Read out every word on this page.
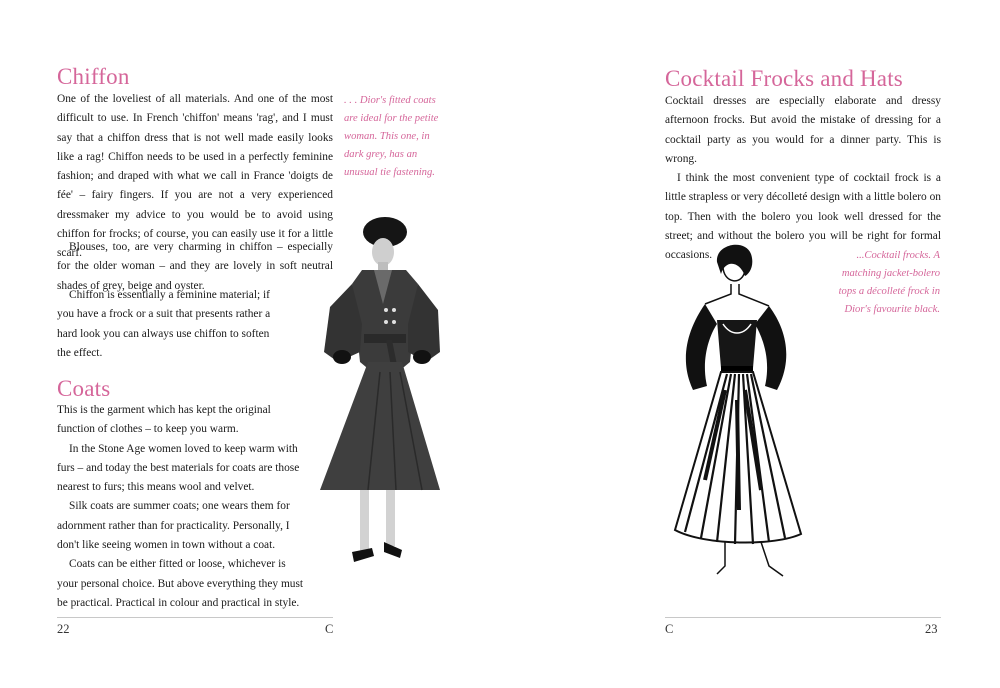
Chiffon

One of the loveliest of all materials. And one of the most difficult to use. In French 'chiffon' means 'rag', and I must say that a chiffon dress that is not well made easily looks like a rag! Chiffon needs to be used in a perfectly feminine fashion; and draped with what we call in France 'doigts de fée' – fairy fingers. If you are not a very experienced dressmaker my advice to you would be to avoid using chiffon for frocks; of course, you can easily use it for a little scarf.

Blouses, too, are very charming in chiffon – especially for the older woman – and they are lovely in soft neutral shades of grey, beige and oyster.

Chiffon is essentially a feminine material; if you have a frock or a suit that presents rather a hard look you can always use chiffon to soften the effect.

. . . Dior's fitted coats are ideal for the petite woman. This one, in dark grey, has an unusual tie fastening.

Coats

This is the garment which has kept the original function of clothes – to keep you warm.

In the Stone Age women loved to keep warm with furs – and today the best materials for coats are those nearest to furs; this means wool and velvet.

Silk coats are summer coats; one wears them for adornment rather than for practicality. Personally, I don't like seeing women in town without a coat.

Coats can be either fitted or loose, whichever is your personal choice. But above everything they must be practical. Practical in colour and practical in style.

22	C
Cocktail Frocks and Hats

Cocktail dresses are especially elaborate and dressy afternoon frocks. But avoid the mistake of dressing for a cocktail party as you would for a dinner party. This is wrong.

I think the most convenient type of cocktail frock is a little strapless or very décolleté design with a little bolero on top. Then with the bolero you look well dressed for the street; and without the bolero you will be right for formal occasions.	...Cocktail frocks. A matching jacket-bolero tops a décolleté frock in Dior's favourite black.

C	23
